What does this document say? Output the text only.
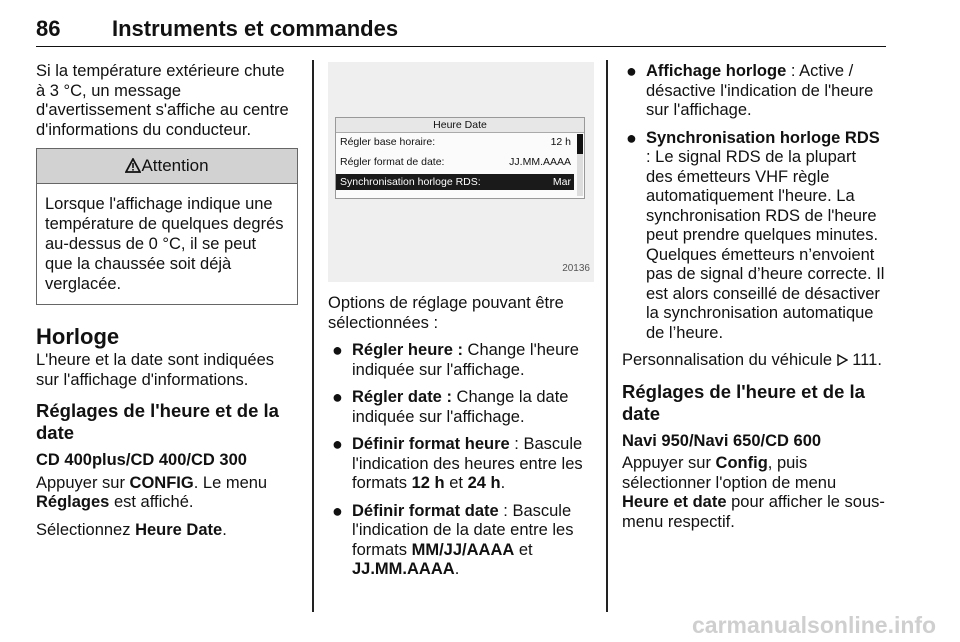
86 Instruments et commandes

Si la température extérieure chute à 3 °C, un message d'avertissement s'affiche au centre d'informations du conducteur.

Attention
Lorsque l'affichage indique une température de quelques degrés au-dessus de 0 °C, il se peut que la chaussée soit déjà verglacée.
Horloge

L'heure et la date sont indiquées sur l'affichage d'informations.

Réglages de l'heure et de la date
CD 400plus/CD 400/CD 300

Appuyer sur CONFIG. Le menu Réglages est affiché.

Sélectionnez Heure Date.

Heure Date
Régler base horaire:	12 h
Régler format de date:	JJ.MM.AAAA
Synchronisation horloge RDS:	Mar
20136

Options de réglage pouvant être sélectionnées :

● Régler heure : Change l'heure indiquée sur l'affichage.
● Régler date : Change la date indiquée sur l'affichage.
● Définir format heure : Bascule l'indication des heures entre les formats 12 h et 24 h.
● Définir format date : Bascule l'indication de la date entre les formats MM/JJ/AAAA et JJ.MM.AAAA.
● Affichage horloge : Active / désactive l'indication de l'heure sur l'affichage.
● Synchronisation horloge RDS : Le signal RDS de la plupart des émetteurs VHF règle automatiquement l'heure. La synchronisation RDS de l'heure peut prendre quelques minutes. Quelques émetteurs n’envoient pas de signal d’heure correcte. Il est alors conseillé de désactiver la synchronisation automatique de l’heure.

Personnalisation du véhicule  111.

Réglages de l'heure et de la date
Navi 950/Navi 650/CD 600

Appuyer sur Config, puis sélectionner l'option de menu Heure et date pour afficher le sous-menu respectif.

carmanualsonline.info
